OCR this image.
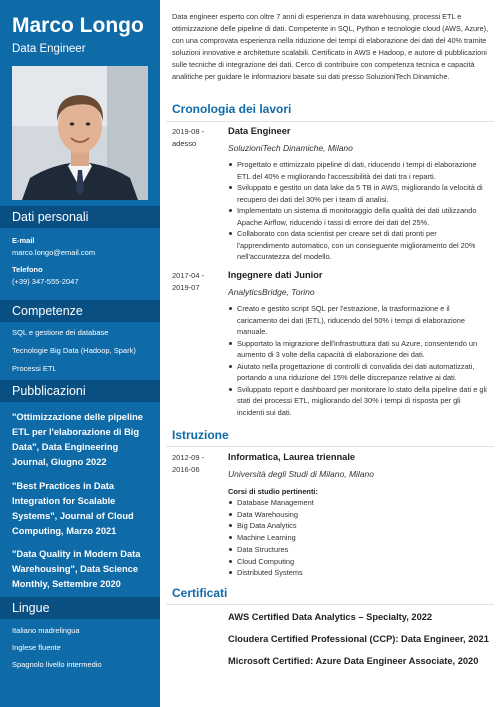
Marco Longo
Data Engineer
Dati personali
E-mail
marco.longo@email.com
Telefono
(+39) 347-555-2047
Competenze
SQL e gestione dei database
Tecnologie Big Data (Hadoop, Spark)
Processi ETL
Pubblicazioni
"Ottimizzazione delle pipeline ETL per l'elaborazione di Big Data", Data Engineering Journal, Giugno 2022
"Best Practices in Data Integration for Scalable Systems", Journal of Cloud Computing, Marzo 2021
"Data Quality in Modern Data Warehousing", Data Science Monthly, Settembre 2020
Lingue
Italiano madrelingua
Inglese fluente
Spagnolo livello intermedio
Data engineer esperto con oltre 7 anni di esperienza in data warehousing, processi ETL e ottimizzazione delle pipeline di dati. Competente in SQL, Python e tecnologie cloud (AWS, Azure), con una comprovata esperienza nella riduzione dei tempi di elaborazione dei dati del 40% tramite soluzioni innovative e architetture scalabili. Certificato in AWS e Hadoop, e autore di pubblicazioni sulle tecniche di integrazione dei dati. Cerco di contribuire con competenza tecnica e capacità analitiche per guidare le informazioni basate sui dati presso SoluzioniTech Dinamiche.
Cronologia dei lavori
2019-08 - adesso
Data Engineer
SoluzioniTech Dinamiche, Milano
Progettato e ottimizzato pipeline di dati, riducendo i tempi di elaborazione ETL del 40% e migliorando l'accessibilità dei dati tra i reparti.
Sviluppato e gestito un data lake da 5 TB in AWS, migliorando la velocità di recupero dei dati del 30% per i team di analisi.
Implementato un sistema di monitoraggio della qualità dei dati utilizzando Apache Airflow, riducendo i tassi di errore dei dati del 25%.
Collaborato con data scientist per creare set di dati pronti per l'apprendimento automatico, con un conseguente miglioramento del 20% nell'accuratezza del modello.
2017-04 - 2019-07
Ingegnere dati Junior
AnalyticsBridge, Torino
Creato e gestito script SQL per l'estrazione, la trasformazione e il caricamento dei dati (ETL), riducendo del 50% i tempi di elaborazione manuale.
Supportato la migrazione dell'infrastruttura dati su Azure, consentendo un aumento di 3 volte della capacità di elaborazione dei dati.
Aiutato nella progettazione di controlli di convalida dei dati automatizzati, portando a una riduzione del 15% delle discrepanze relative ai dati.
Sviluppato report e dashboard per monitorare lo stato della pipeline dati e gli stati dei processi ETL, migliorando del 30% i tempi di risposta per gli incidenti sui dati.
Istruzione
2012-09 - 2016-06
Informatica, Laurea triennale
Università degli Studi di Milano, Milano
Corsi di studio pertinenti:
Database Management
Data Warehousing
Big Data Analytics
Machine Learning
Data Structures
Cloud Computing
Distributed Systems
Certificati
AWS Certified Data Analytics – Specialty, 2022
Cloudera Certified Professional (CCP): Data Engineer, 2021
Microsoft Certified: Azure Data Engineer Associate, 2020
